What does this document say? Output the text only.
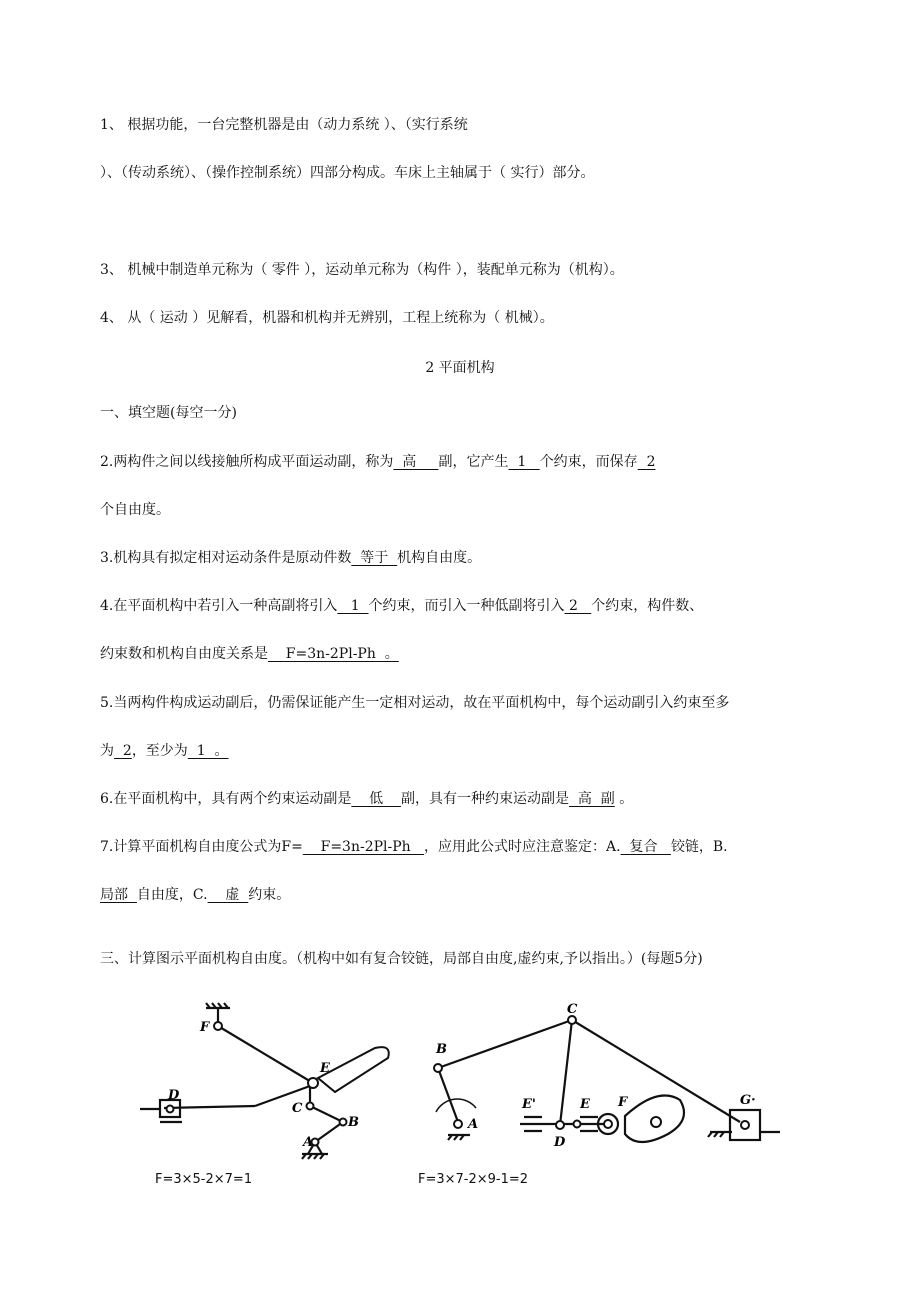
1、 根据功能，一台完整机器是由（动力系统 ）、（实行系统
）、（传动系统）、（操作控制系统）四部分构成。车床上主轴属于（ 实行）部分。
3、 机械中制造单元称为（ 零件 ），运动单元称为（构件 ），装配单元称为（机构）。
4、 从（ 运动 ）见解看，机器和机构并无辨别，工程上统称为（ 机械）。
2 平面机构
一、填空题(每空一分)
2.两构件之间以线接触所构成平面运动副，称为  高     副，它产生  1   个约束，而保存  2
个自由度。
3.机构具有拟定相对运动条件是原动件数  等于  机构自由度。
4.在平面机构中若引入一种高副将引入   1  个约束，而引入一种低副将引入 2   个约束，构件数、
约束数和机构自由度关系是    F=3n-2Pl-Ph  。
5.当两构件构成运动副后，仍需保证能产生一定相对运动，故在平面机构中，每个运动副引入约束至多
为  2，至少为  1  。
6.在平面机构中，具有两个约束运动副是    低    副，具有一种约束运动副是  高  副 。
7.计算平面机构自由度公式为F=    F=3n-2Pl-Ph   ，应用此公式时应注意鉴定：A.  复合   铰链，B.
局部  自由度，C.    虚  约束。
三、计算图示平面机构自由度。（机构中如有复合铰链，局部自由度,虚约束,予以指出。）(每题5分)
F
E
D
C
B
A
F=3×5-2×7=1
C
B
A
E'	E
D
F	G·
F=3×7-2×9-1=2
